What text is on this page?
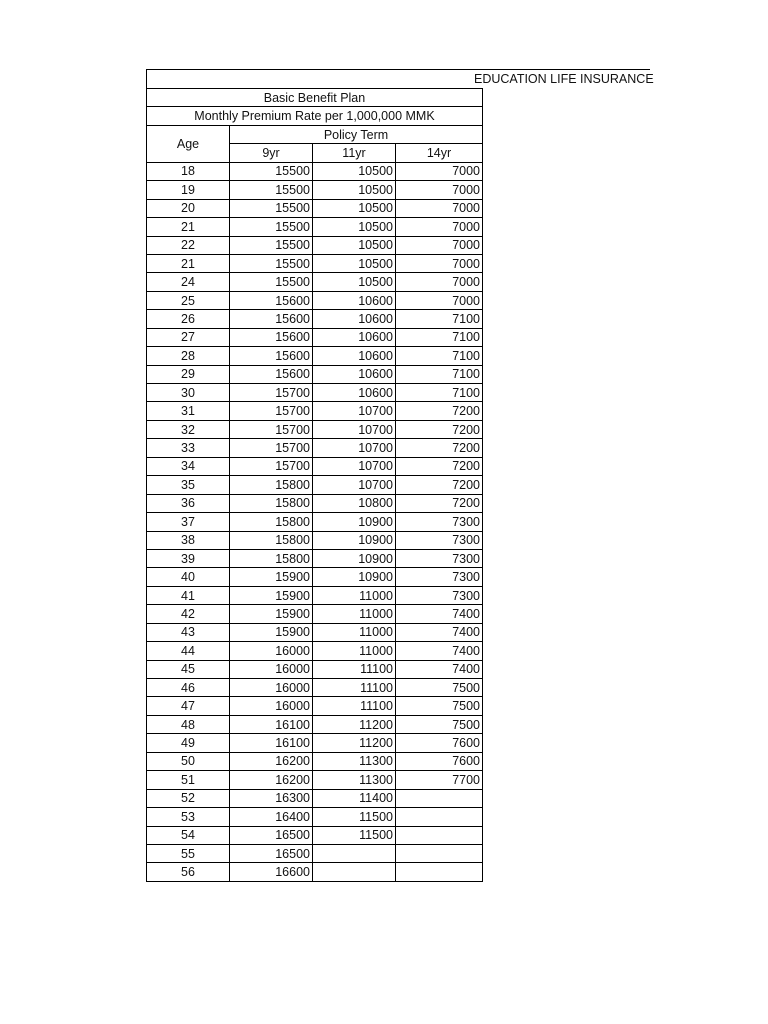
EDUCATION LIFE INSURANCE
Basic Benefit Plan			
Monthly Premium Rate per 1,000,000 MMK			
Age	Policy Term		
	9yr	11yr	14yr
18	15500	10500	7000
19	15500	10500	7000
20	15500	10500	7000
21	15500	10500	7000
22	15500	10500	7000
21	15500	10500	7000
24	15500	10500	7000
25	15600	10600	7000
26	15600	10600	7100
27	15600	10600	7100
28	15600	10600	7100
29	15600	10600	7100
30	15700	10600	7100
31	15700	10700	7200
32	15700	10700	7200
33	15700	10700	7200
34	15700	10700	7200
35	15800	10700	7200
36	15800	10800	7200
37	15800	10900	7300
38	15800	10900	7300
39	15800	10900	7300
40	15900	10900	7300
41	15900	11000	7300
42	15900	11000	7400
43	15900	11000	7400
44	16000	11000	7400
45	16000	11100	7400
46	16000	11100	7500
47	16000	11100	7500
48	16100	11200	7500
49	16100	11200	7600
50	16200	11300	7600
51	16200	11300	7700
52	16300	11400	
53	16400	11500	
54	16500	11500	
55	16500		
56	16600		
